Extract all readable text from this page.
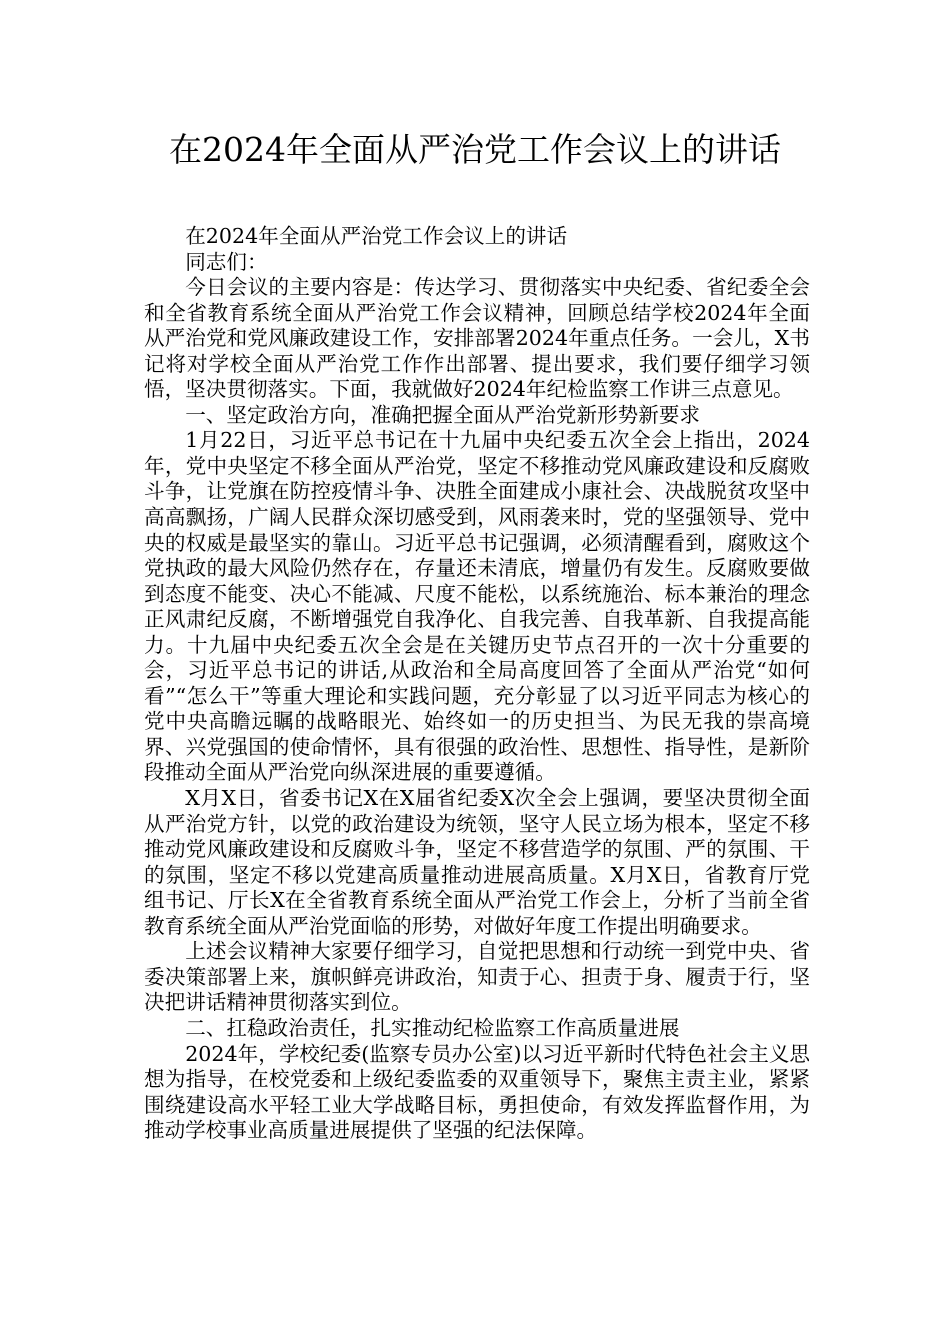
在2024年全面从严治党工作会议上的讲话

在2024年全面从严治党工作会议上的讲话

同志们：

今日会议的主要内容是：传达学习、贯彻落实中央纪委、省纪委全会和全省教育系统全面从严治党工作会议精神，回顾总结学校2024年全面从严治党和党风廉政建设工作，安排部署2024年重点任务。一会儿，X书记将对学校全面从严治党工作作出部署、提出要求，我们要仔细学习领悟，坚决贯彻落实。下面，我就做好2024年纪检监察工作讲三点意见。

一、坚定政治方向，准确把握全面从严治党新形势新要求

1月22日，习近平总书记在十九届中央纪委五次全会上指出，2024年，党中央坚定不移全面从严治党，坚定不移推动党风廉政建设和反腐败斗争，让党旗在防控疫情斗争、决胜全面建成小康社会、决战脱贫攻坚中高高飘扬，广阔人民群众深切感受到，风雨袭来时，党的坚强领导、党中央的权威是最坚实的靠山。习近平总书记强调，必须清醒看到，腐败这个党执政的最大风险仍然存在，存量还未清底，增量仍有发生。反腐败要做到态度不能变、决心不能减、尺度不能松，以系统施治、标本兼治的理念正风肃纪反腐，不断增强党自我净化、自我完善、自我革新、自我提高能力。十九届中央纪委五次全会是在关键历史节点召开的一次十分重要的会，习近平总书记的讲话,从政治和全局高度回答了全面从严治党“如何看”“怎么干”等重大理论和实践问题，充分彰显了以习近平同志为核心的党中央高瞻远瞩的战略眼光、始终如一的历史担当、为民无我的崇高境界、兴党强国的使命情怀，具有很强的政治性、思想性、指导性，是新阶段推动全面从严治党向纵深进展的重要遵循。

X月X日，省委书记X在X届省纪委X次全会上强调，要坚决贯彻全面从严治党方针，以党的政治建设为统领，坚守人民立场为根本，坚定不移推动党风廉政建设和反腐败斗争，坚定不移营造学的氛围、严的氛围、干的氛围，坚定不移以党建高质量推动进展高质量。X月X日，省教育厅党组书记、厅长X在全省教育系统全面从严治党工作会上，分析了当前全省教育系统全面从严治党面临的形势，对做好年度工作提出明确要求。

上述会议精神大家要仔细学习，自觉把思想和行动统一到党中央、省委决策部署上来，旗帜鲜亮讲政治，知责于心、担责于身、履责于行，坚决把讲话精神贯彻落实到位。

二、扛稳政治责任，扎实推动纪检监察工作高质量进展

2024年，学校纪委(监察专员办公室)以习近平新时代特色社会主义思想为指导，在校党委和上级纪委监委的双重领导下，聚焦主责主业，紧紧围绕建设高水平轻工业大学战略目标，勇担使命，有效发挥监督作用，为推动学校事业高质量进展提供了坚强的纪法保障。
